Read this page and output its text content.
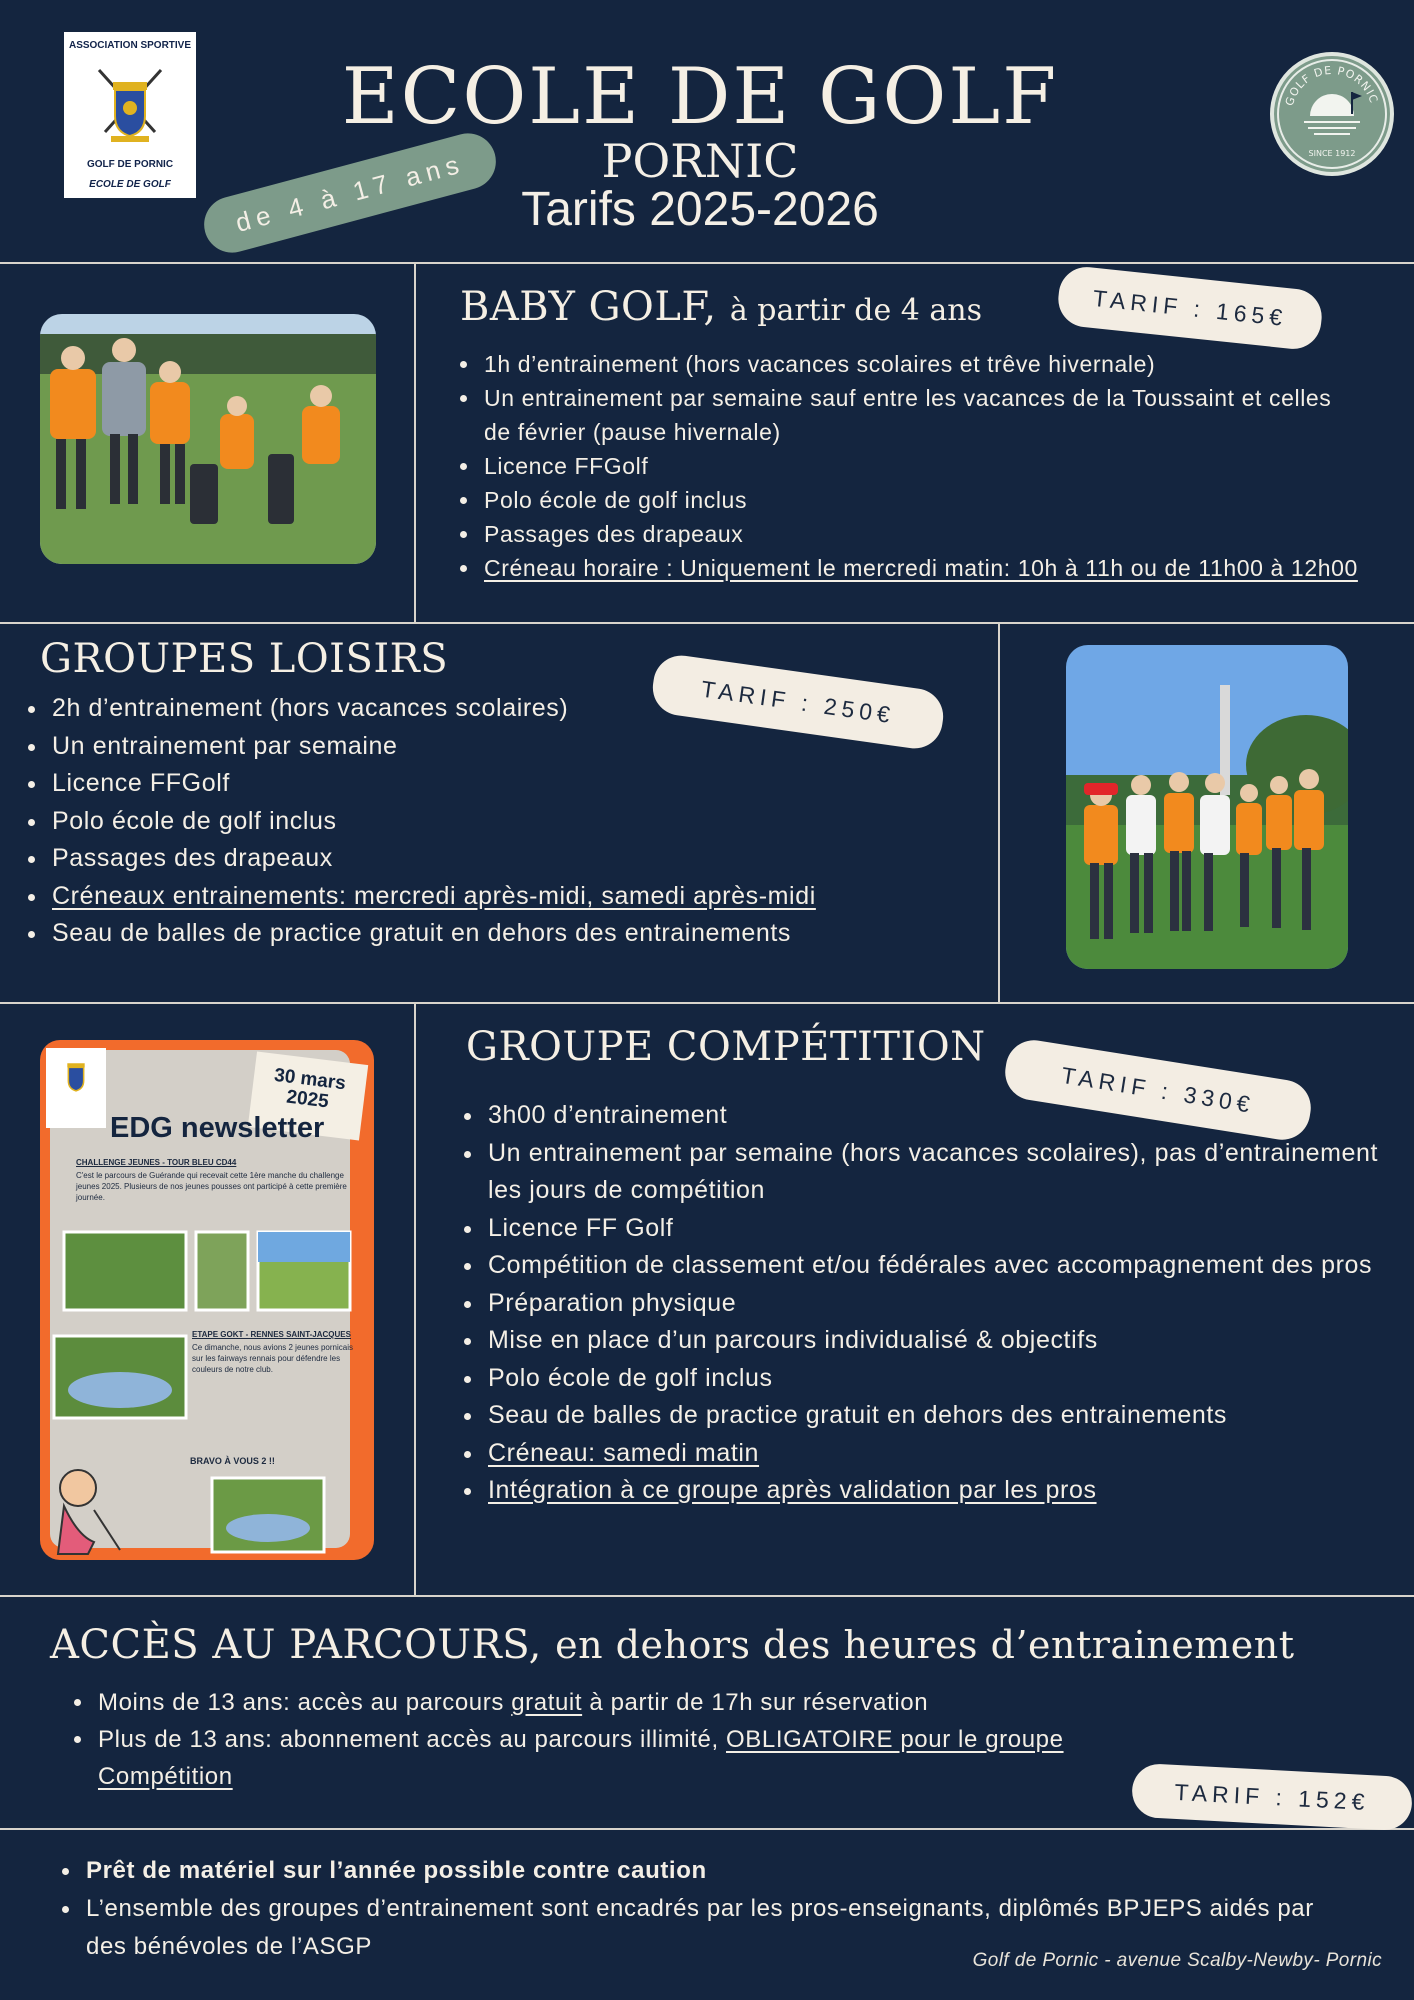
ASSOCIATION SPORTIVE
GOLF DE PORNIC
ECOLE DE GOLF
ECOLE DE GOLF
PORNIC
Tarifs 2025-2026
de 4 à 17 ans
GOLF DE PORNIC
SINCE 1912
BABY GOLF, à partir de 4 ans	TARIF : 165€
1h d’entrainement (hors vacances scolaires et trêve hivernale)
Un entrainement par semaine sauf entre les vacances de la Toussaint et celles de février (pause hivernale)
Licence FFGolf
Polo école de golf inclus
Passages des drapeaux
Créneau horaire : Uniquement le mercredi matin: 10h à 11h ou de 11h00 à 12h00
GROUPES LOISIRS
TARIF : 250€
2h d’entrainement (hors vacances scolaires)
Un entrainement par semaine
Licence FFGolf
Polo école de golf inclus
Passages des drapeaux
Créneaux entrainements: mercredi après-midi, samedi après-midi
Seau de balles de practice gratuit en dehors des entrainements
30 mars 2025
EDG newsletter
CHALLENGE JEUNES - TOUR BLEU CD44
C'est le parcours de Guérande qui recevait cette 1ère manche du challenge jeunes 2025. Plusieurs de nos jeunes pousses ont participé à cette première journée.
ETAPE GOKT - RENNES SAINT-JACQUES
Ce dimanche, nous avions 2 jeunes pornicais sur les fairways rennais pour défendre les couleurs de notre club.
BRAVO À VOUS 2 !!
GROUPE COMPÉTITION
TARIF : 330€
3h00 d’entrainement
Un entrainement par semaine (hors vacances scolaires), pas d’entrainement les jours de compétition
Licence FF Golf
Compétition de classement et/ou fédérales avec accompagnement des pros
Préparation physique
Mise en place d’un parcours individualisé & objectifs
Polo école de golf inclus
Seau de balles de practice gratuit en dehors des entrainements
Créneau: samedi matin
Intégration à ce groupe après validation par les pros
ACCÈS AU PARCOURS, en dehors des heures d’entrainement
Moins de 13 ans: accès au parcours gratuit à partir de 17h sur réservation
Plus de 13 ans: abonnement accès au parcours illimité, OBLIGATOIRE pour le groupe Compétition
TARIF : 152€
Prêt de matériel sur l’année possible contre caution
L’ensemble des groupes d’entrainement sont encadrés par les pros-enseignants, diplômés BPJEPS aidés par des bénévoles de l’ASGP
Golf de Pornic - avenue Scalby-Newby- Pornic
